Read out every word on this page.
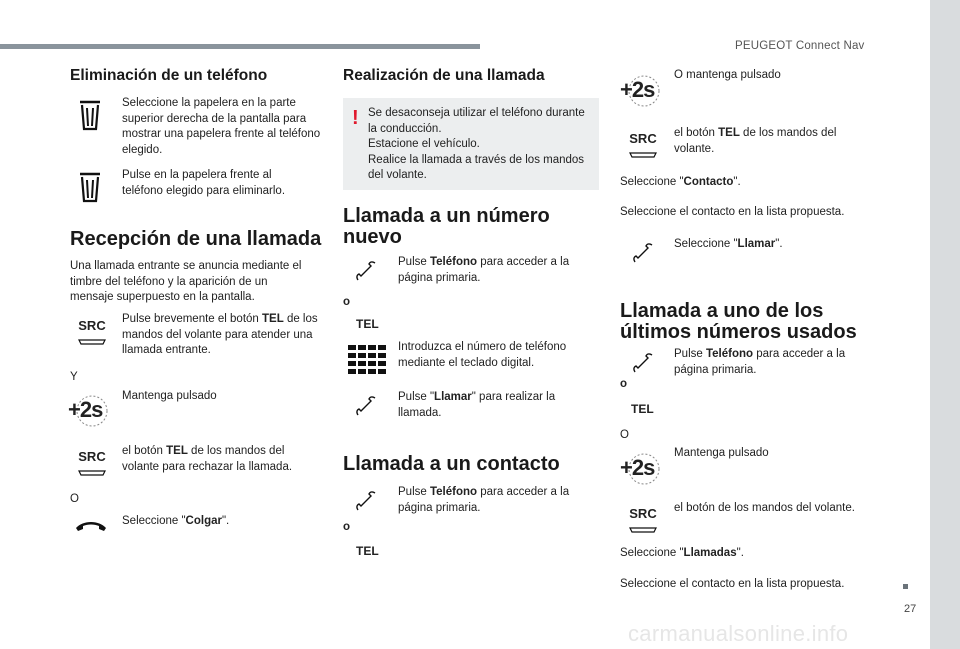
PEUGEOT Connect Nav
Eliminación de un teléfono
Seleccione la papelera en la parte superior derecha de la pantalla para mostrar una papelera frente al teléfono elegido.
Pulse en la papelera frente al teléfono elegido para eliminarlo.
Recepción de una llamada
Una llamada entrante se anuncia mediante el timbre del teléfono y la aparición de un mensaje superpuesto en la pantalla.
SRC Pulse brevemente el botón TEL de los mandos del volante para atender una llamada entrante.
Y
+2s
Mantenga pulsado
SRC el botón TEL de los mandos del volante para rechazar la llamada.
O
Seleccione "Colgar".
Realización de una llamada
! Se desaconseja utilizar el teléfono durante la conducción.
Estacione el vehículo.
Realice la llamada a través de los mandos del volante.
Llamada a un número nuevo
Pulse Teléfono para acceder a la página primaria.
o
TEL
Introduzca el número de teléfono mediante el teclado digital.
Pulse "Llamar" para realizar la llamada.
Llamada a un contacto
Pulse Teléfono para acceder a la página primaria.
o
TEL
+2s
O mantenga pulsado
SRC el botón TEL de los mandos del volante.
Seleccione "Contacto".
Seleccione el contacto en la lista propuesta.
Seleccione "Llamar".
Llamada a uno de los últimos números usados
Pulse Teléfono para acceder a la página primaria.
o
TEL
O
+2s
Mantenga pulsado
SRC el botón de los mandos del volante.
Seleccione "Llamadas".
Seleccione el contacto en la lista propuesta.
27
carmanualsonline.info
